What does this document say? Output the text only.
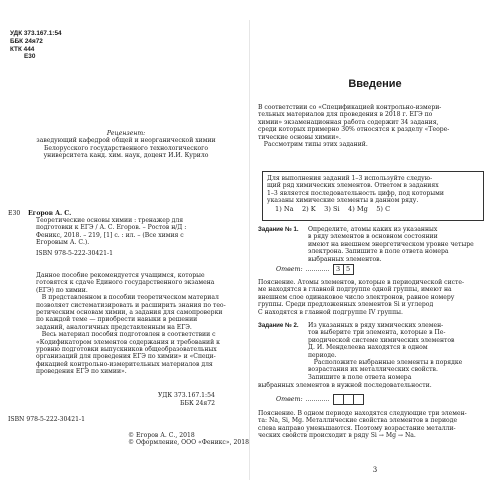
УДК 373.167.1:54
ББК 24я72
КТК 444
Е30
Рецензент:
заведующий кафедрой общей и неорганической химии
Белорусского государственного технологического
университета канд. хим. наук, доцент И.И. Курило
Е30 Егоров А. С.
Теоретические основы химии : тренажер для
подготовки к ЕГЭ / А. С. Егоров. – Ростов н/Д :
Феникс, 2018. – 219, [1] с. : ил. – (Все химия с
Егоровым А. С.).
ISBN 978-5-222-30421-1
Данное пособие рекомендуется учащимся, которые
готовятся к сдаче Единого государственного экзамена
(ЕГЭ) по химии.
В представленном в пособии теоретическом материал
позволяет систематизировать и расширить знания по тео-
ретическим основам химии, а задания для самопроверки
по каждой теме — приобрести навыки в решении
заданий, аналогичных представленным на ЕГЭ.
Весь материал пособия подготовлен в соответствии с
«Кодификатором элементов содержания и требований к
уровню подготовки выпускников общеобразовательных
организаций для проведения ЕГЭ по химии» и «Специ-
фикацией контрольно-измерительных материалов для
проведения ЕГЭ по химии».
УДК 373.167.1:54
ББК 24я72
ISBN 978-5-222-30421-1
© Егоров А. С., 2018
© Оформление, ООО «Феникс», 2018
Введение
В соответствии со «Спецификацией контрольно-измери-
тельных материалов для проведения в 2018 г. ЕГЭ по
химии» экзаменационная работа содержит 34 задания,
среди которых примерно 30% относятся к разделу «Теоре-
тические основы химии».
Рассмотрим типы этих заданий.
Для выполнения заданий 1–3 используйте следую-
щий ряд химических элементов. Ответом в заданиях
1–3 является последовательность цифр, под которыми
указаны химические элементы в данном ряду.
1) Na    2) K    3) Si    4) Mg    5) C
Задание № 1. Определите, атомы каких из указанных
в ряду элементов в основном состоянии
имеют на внешнем энергетическом уровне четыре
электрона. Запишите в поле ответа номера
выбранных элементов.
Ответ: ………… 3 5
Пояснение. Атомы элементов, которые в периодической систе-
ме находятся в главной подгруппе одной группы, имеют на
внешнем слое одинаковое число электронов, равное номеру
группы. Среди предложенных элементов Si и углерод
C находятся в главной подгруппе IV группы.
Задание № 2. Из указанных в ряду химических элемен-
тов выберите три элемента, которые в Пе-
риодической системе химических элементов
Д. И. Менделеева находятся в одном
периоде.
Расположите выбранные элементы в порядке
возрастания их металлических свойств.
Запишите в поле ответа номера
выбранных элементов в нужной последовательности.
Ответ: …………
Пояснение. В одном периоде находятся следующие три элемен-
та: Na, Si, Mg. Металлические свойства элементов в периоде
слева направо уменьшаются. Поэтому возрастание металли-
ческих свойств происходит в ряду Si → Mg → Na.
3
